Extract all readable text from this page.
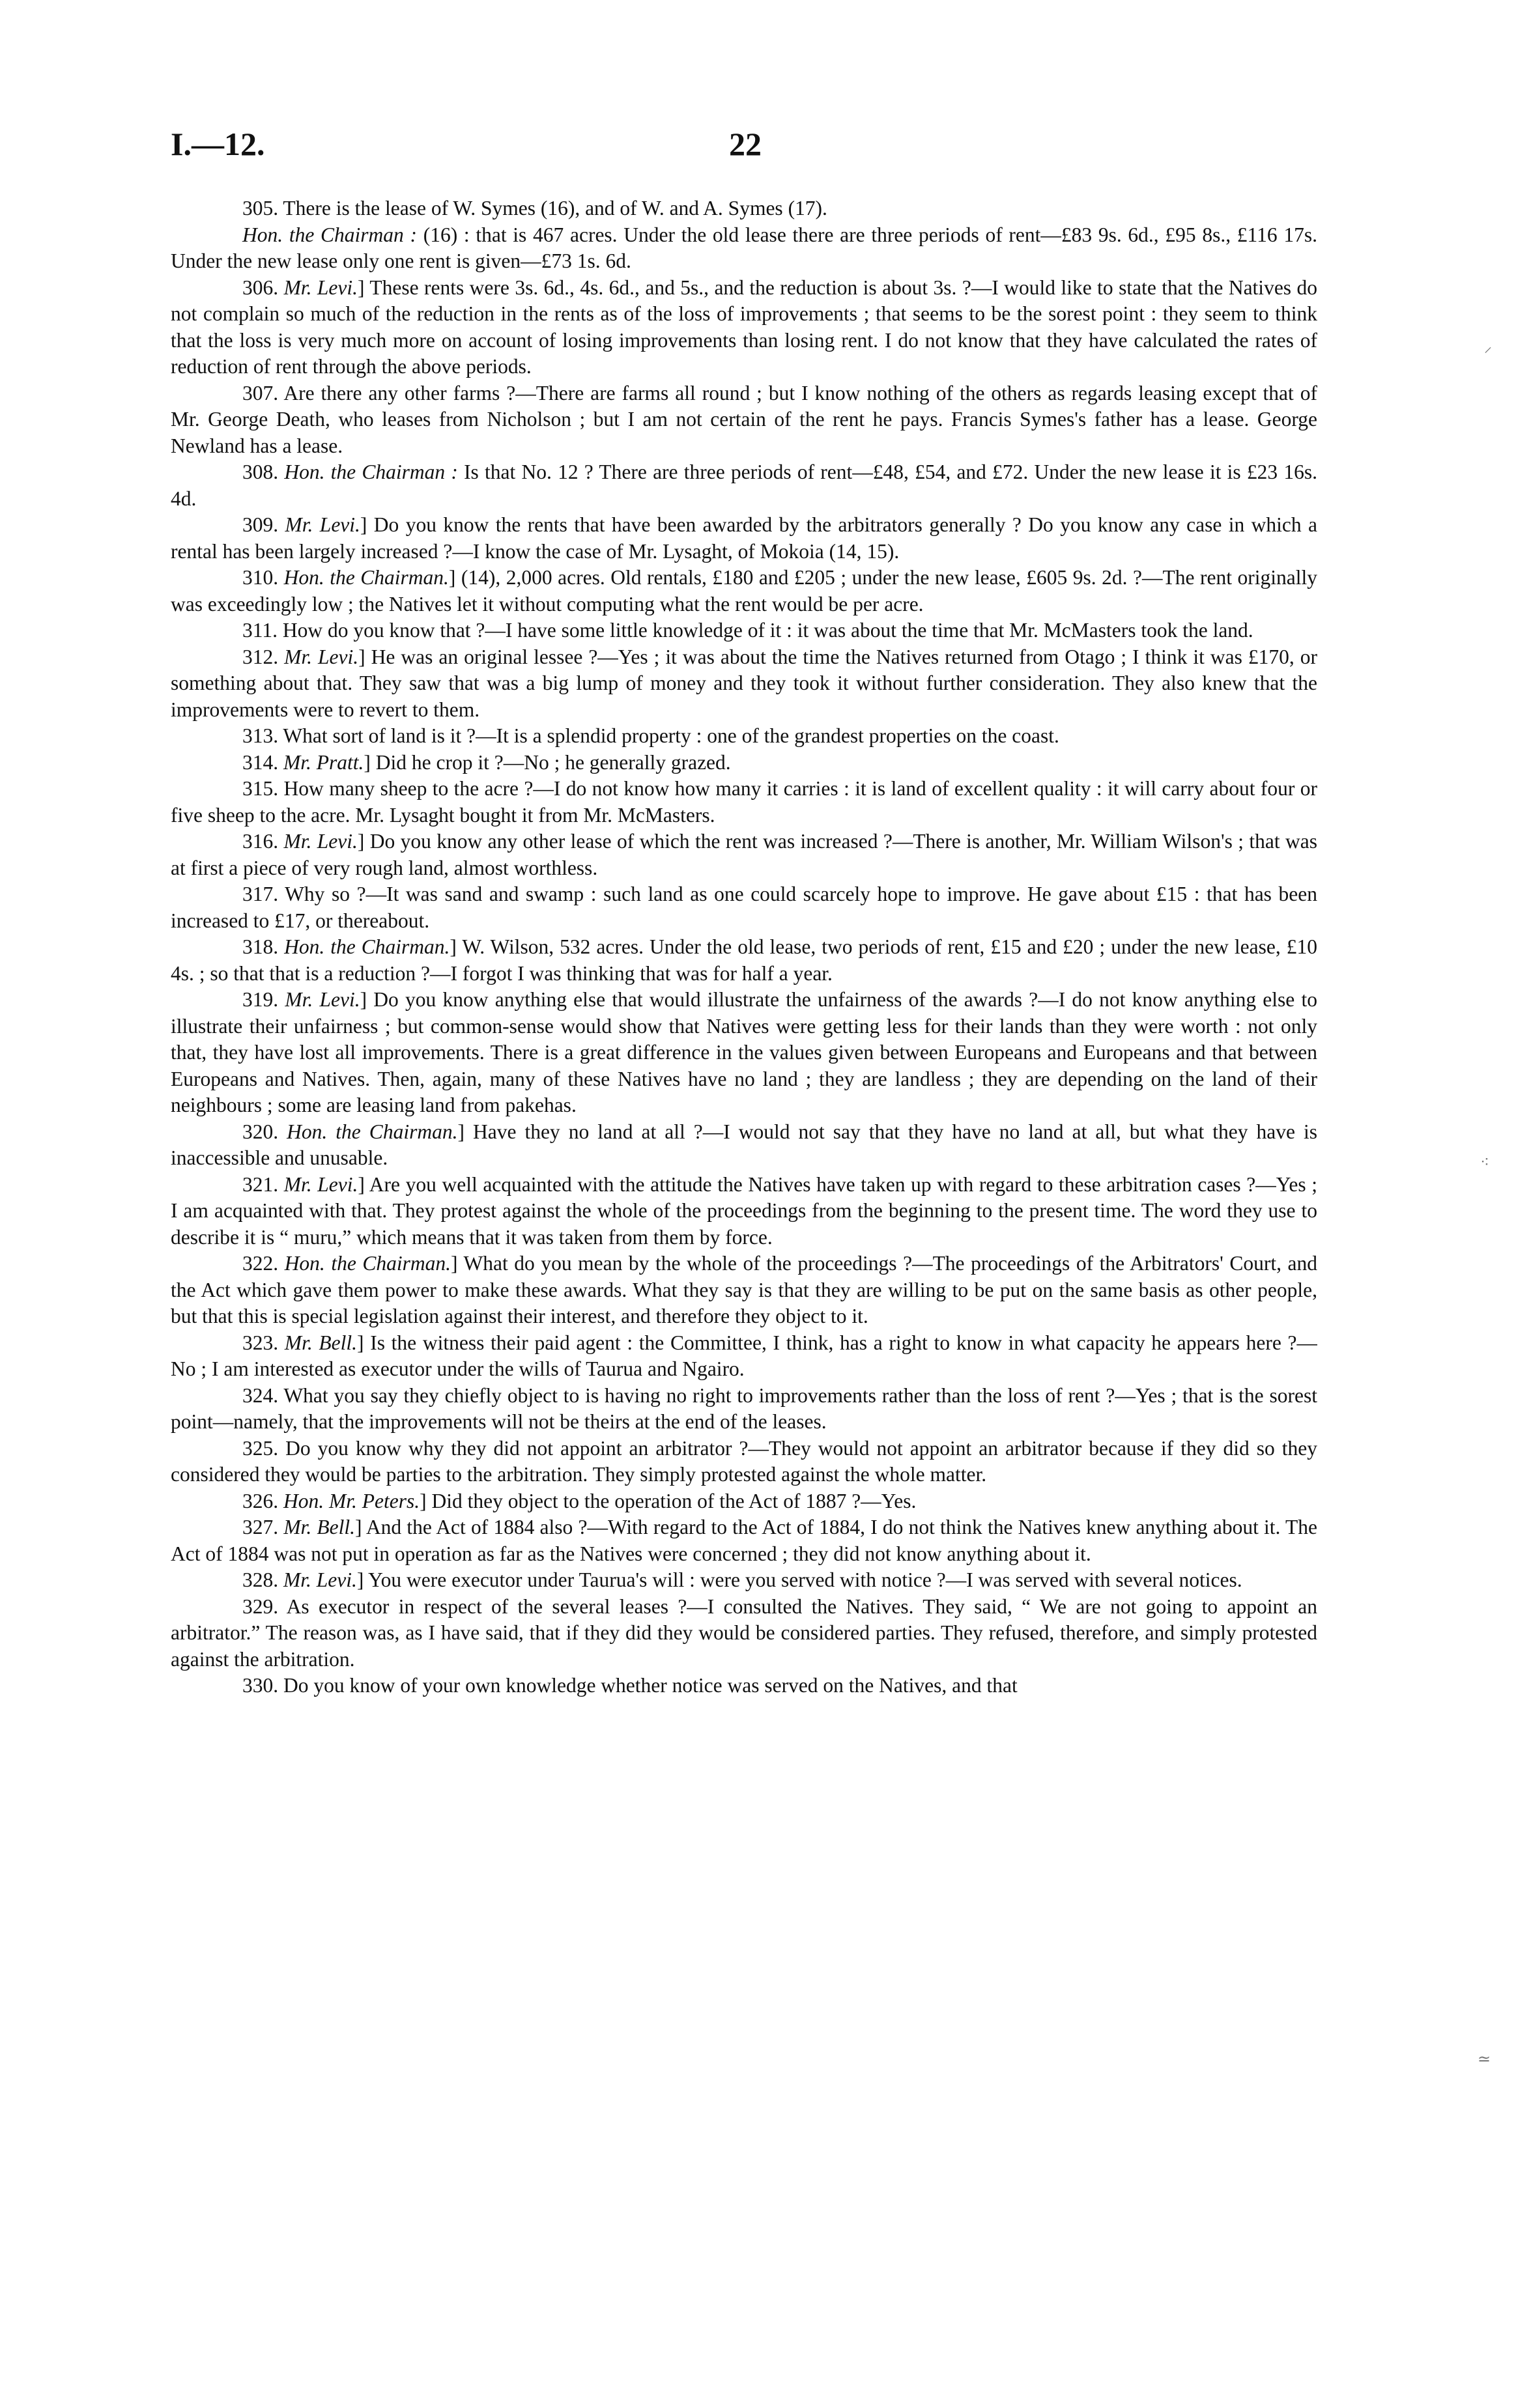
I.—12.	22

305. There is the lease of W. Symes (16), and of W. and A. Symes (17).

Hon. the Chairman : (16) : that is 467 acres. Under the old lease there are three periods of rent—£83 9s. 6d., £95 8s., £116 17s. Under the new lease only one rent is given—£73 1s. 6d.

306. Mr. Levi.] These rents were 3s. 6d., 4s. 6d., and 5s., and the reduction is about 3s. ?—I would like to state that the Natives do not complain so much of the reduction in the rents as of the loss of improvements ; that seems to be the sorest point : they seem to think that the loss is very much more on account of losing improvements than losing rent. I do not know that they have calculated the rates of reduction of rent through the above periods.

307. Are there any other farms ?—There are farms all round ; but I know nothing of the others as regards leasing except that of Mr. George Death, who leases from Nicholson ; but I am not certain of the rent he pays. Francis Symes's father has a lease. George Newland has a lease.

308. Hon. the Chairman : Is that No. 12 ? There are three periods of rent—£48, £54, and £72. Under the new lease it is £23 16s. 4d.

309. Mr. Levi.] Do you know the rents that have been awarded by the arbitrators generally ? Do you know any case in which a rental has been largely increased ?—I know the case of Mr. Lysaght, of Mokoia (14, 15).

310. Hon. the Chairman.] (14), 2,000 acres. Old rentals, £180 and £205 ; under the new lease, £605 9s. 2d. ?—The rent originally was exceedingly low ; the Natives let it without computing what the rent would be per acre.

311. How do you know that ?—I have some little knowledge of it : it was about the time that Mr. McMasters took the land.

312. Mr. Levi.] He was an original lessee ?—Yes ; it was about the time the Natives returned from Otago ; I think it was £170, or something about that. They saw that was a big lump of money and they took it without further consideration. They also knew that the improvements were to revert to them.

313. What sort of land is it ?—It is a splendid property : one of the grandest properties on the coast.

314. Mr. Pratt.] Did he crop it ?—No ; he generally grazed.

315. How many sheep to the acre ?—I do not know how many it carries : it is land of excellent quality : it will carry about four or five sheep to the acre. Mr. Lysaght bought it from Mr. McMasters.

316. Mr. Levi.] Do you know any other lease of which the rent was increased ?—There is another, Mr. William Wilson's ; that was at first a piece of very rough land, almost worthless.

317. Why so ?—It was sand and swamp : such land as one could scarcely hope to improve. He gave about £15 : that has been increased to £17, or thereabout.

318. Hon. the Chairman.] W. Wilson, 532 acres. Under the old lease, two periods of rent, £15 and £20 ; under the new lease, £10 4s. ; so that that is a reduction ?—I forgot I was thinking that was for half a year.

319. Mr. Levi.] Do you know anything else that would illustrate the unfairness of the awards ?—I do not know anything else to illustrate their unfairness ; but common-sense would show that Natives were getting less for their lands than they were worth : not only that, they have lost all improvements. There is a great difference in the values given between Europeans and Europeans and that between Europeans and Natives. Then, again, many of these Natives have no land ; they are landless ; they are depending on the land of their neighbours ; some are leasing land from pakehas.

320. Hon. the Chairman.] Have they no land at all ?—I would not say that they have no land at all, but what they have is inaccessible and unusable.

321. Mr. Levi.] Are you well acquainted with the attitude the Natives have taken up with regard to these arbitration cases ?—Yes ; I am acquainted with that. They protest against the whole of the proceedings from the beginning to the present time. The word they use to describe it is “ muru,” which means that it was taken from them by force.

322. Hon. the Chairman.] What do you mean by the whole of the proceedings ?—The proceedings of the Arbitrators' Court, and the Act which gave them power to make these awards. What they say is that they are willing to be put on the same basis as other people, but that this is special legislation against their interest, and therefore they object to it.

323. Mr. Bell.] Is the witness their paid agent : the Committee, I think, has a right to know in what capacity he appears here ?— No ; I am interested as executor under the wills of Taurua and Ngairo.

324. What you say they chiefly object to is having no right to improvements rather than the loss of rent ?—Yes ; that is the sorest point—namely, that the improvements will not be theirs at the end of the leases.

325. Do you know why they did not appoint an arbitrator ?—They would not appoint an arbitrator because if they did so they considered they would be parties to the arbitration. They simply protested against the whole matter.

326. Hon. Mr. Peters.] Did they object to the operation of the Act of 1887 ?—Yes.

327. Mr. Bell.] And the Act of 1884 also ?—With regard to the Act of 1884, I do not think the Natives knew anything about it. The Act of 1884 was not put in operation as far as the Natives were concerned ; they did not know anything about it.

328. Mr. Levi.] You were executor under Taurua's will : were you served with notice ?—I was served with several notices.

329. As executor in respect of the several leases ?—I consulted the Natives. They said, “ We are not going to appoint an arbitrator.” The reason was, as I have said, that if they did they would be considered parties. They refused, therefore, and simply protested against the arbitration.

330. Do you know of your own knowledge whether notice was served on the Natives, and that

⸝
⁖
≃
